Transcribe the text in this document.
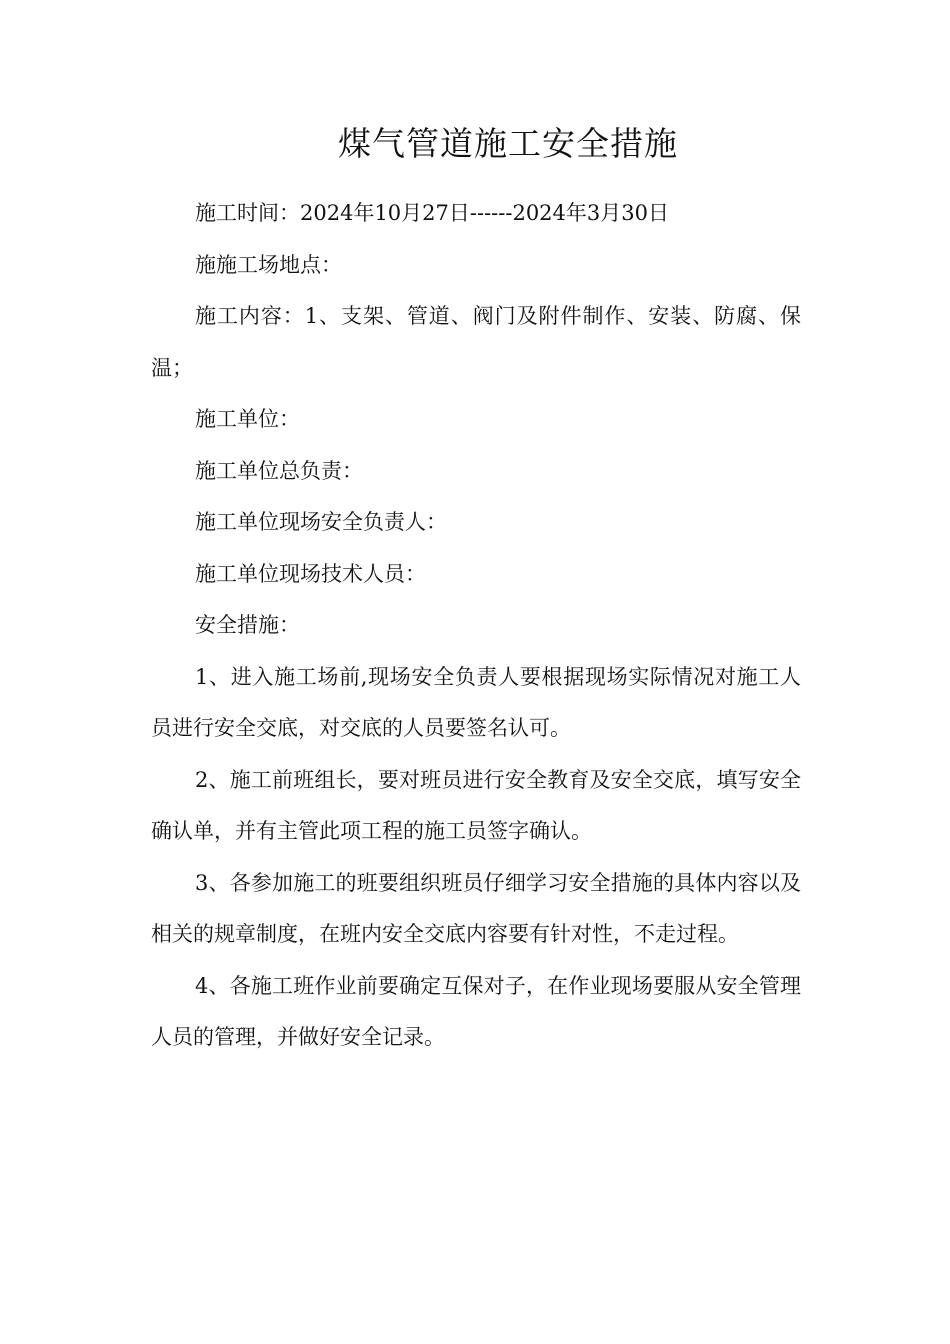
煤气管道施工安全措施

施工时间：2024年10月27日------2024年3月30日

施施工场地点：

施工内容：1、支架、管道、阀门及附件制作、安装、防腐、保温；

施工单位：

施工单位总负责：

施工单位现场安全负责人：

施工单位现场技术人员：

安全措施：

1、进入施工场前,现场安全负责人要根据现场实际情况对施工人员进行安全交底，对交底的人员要签名认可。

2、施工前班组长，要对班员进行安全教育及安全交底，填写安全确认单，并有主管此项工程的施工员签字确认。

3、各参加施工的班要组织班员仔细学习安全措施的具体内容以及相关的规章制度，在班内安全交底内容要有针对性，不走过程。

4、各施工班作业前要确定互保对子，在作业现场要服从安全管理人员的管理，并做好安全记录。
